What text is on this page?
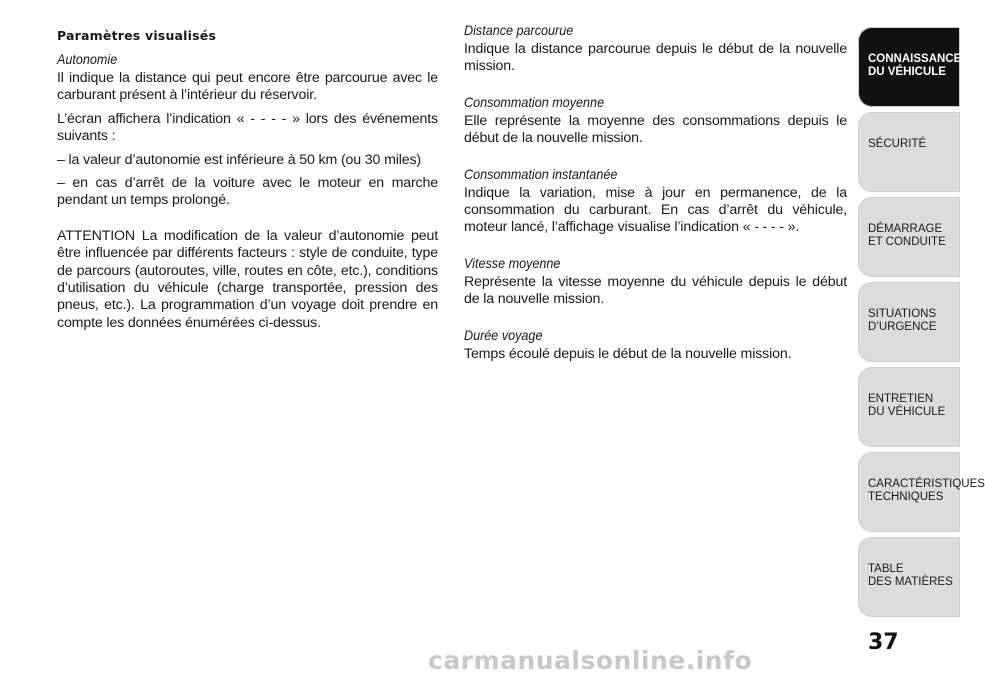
Paramètres visualisés
Autonomie

Il indique la distance qui peut encore être parcourue avec le carburant présent à l’intérieur du réservoir.

L’écran affichera l’indication « - - - - » lors des événements suivants :

– la valeur d’autonomie est inférieure à 50 km (ou 30 miles)

– en cas d’arrêt de la voiture avec le moteur en marche pendant un temps prolongé.

ATTENTION La modification de la valeur d’autonomie peut être influencée par différents facteurs : style de conduite, type de parcours (autoroutes, ville, routes en côte, etc.), conditions d’utilisation du véhicule (charge transportée, pression des pneus, etc.). La programmation d’un voyage doit prendre en compte les données énumérées ci-dessus.

Distance parcourue

Indique la distance parcourue depuis le début de la nouvelle mission.

Consommation moyenne

Elle représente la moyenne des consommations depuis le début de la nouvelle mission.

Consommation instantanée

Indique la variation, mise à jour en permanence, de la consommation du carburant. En cas d’arrêt du véhicule, moteur lancé, l’affichage visualise l’indication « - - - - ».

Vitesse moyenne

Représente la vitesse moyenne du véhicule depuis le début de la nouvelle mission.

Durée voyage

Temps écoulé depuis le début de la nouvelle mission.

CONNAISSANCE
DU VÉHICULE
SÉCURITÉ
DÉMARRAGE
ET CONDUITE
SITUATIONS
D’URGENCE
ENTRETIEN
DU VÉHICULE
CARACTÉRISTIQUES
TECHNIQUES
TABLE
DES MATIÈRES
37
carmanualsonline.info
